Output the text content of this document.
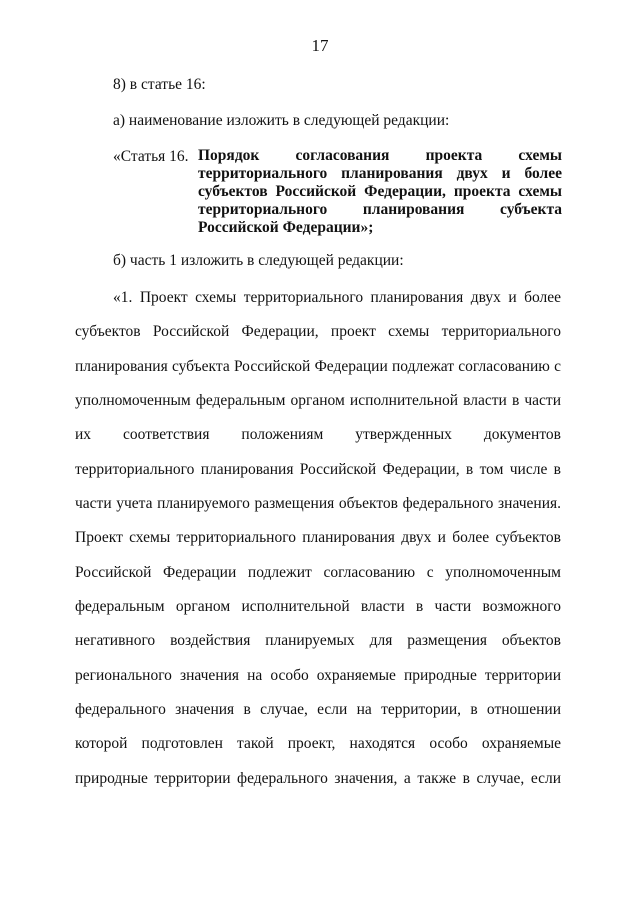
17
8) в статье 16:
а) наименование изложить в следующей редакции:
«Статья 16. Порядок согласования проекта схемы
территориального планирования двух и более
субъектов Российской Федерации, проекта схемы
территориального планирования субъекта
Российской Федерации»;
б) часть 1 изложить в следующей редакции:
«1. Проект схемы территориального планирования двух и более
субъектов Российской Федерации, проект схемы территориального
планирования субъекта Российской Федерации подлежат согласованию с
уполномоченным федеральным органом исполнительной власти в части
их соответствия положениям утвержденных документов
территориального планирования Российской Федерации, в том числе в
части учета планируемого размещения объектов федерального значения.
Проект схемы территориального планирования двух и более субъектов
Российской Федерации подлежит согласованию с уполномоченным
федеральным органом исполнительной власти в части возможного
негативного воздействия планируемых для размещения объектов
регионального значения на особо охраняемые природные территории
федерального значения в случае, если на территории, в отношении
которой подготовлен такой проект, находятся особо охраняемые
природные территории федерального значения, а также в случае, если
